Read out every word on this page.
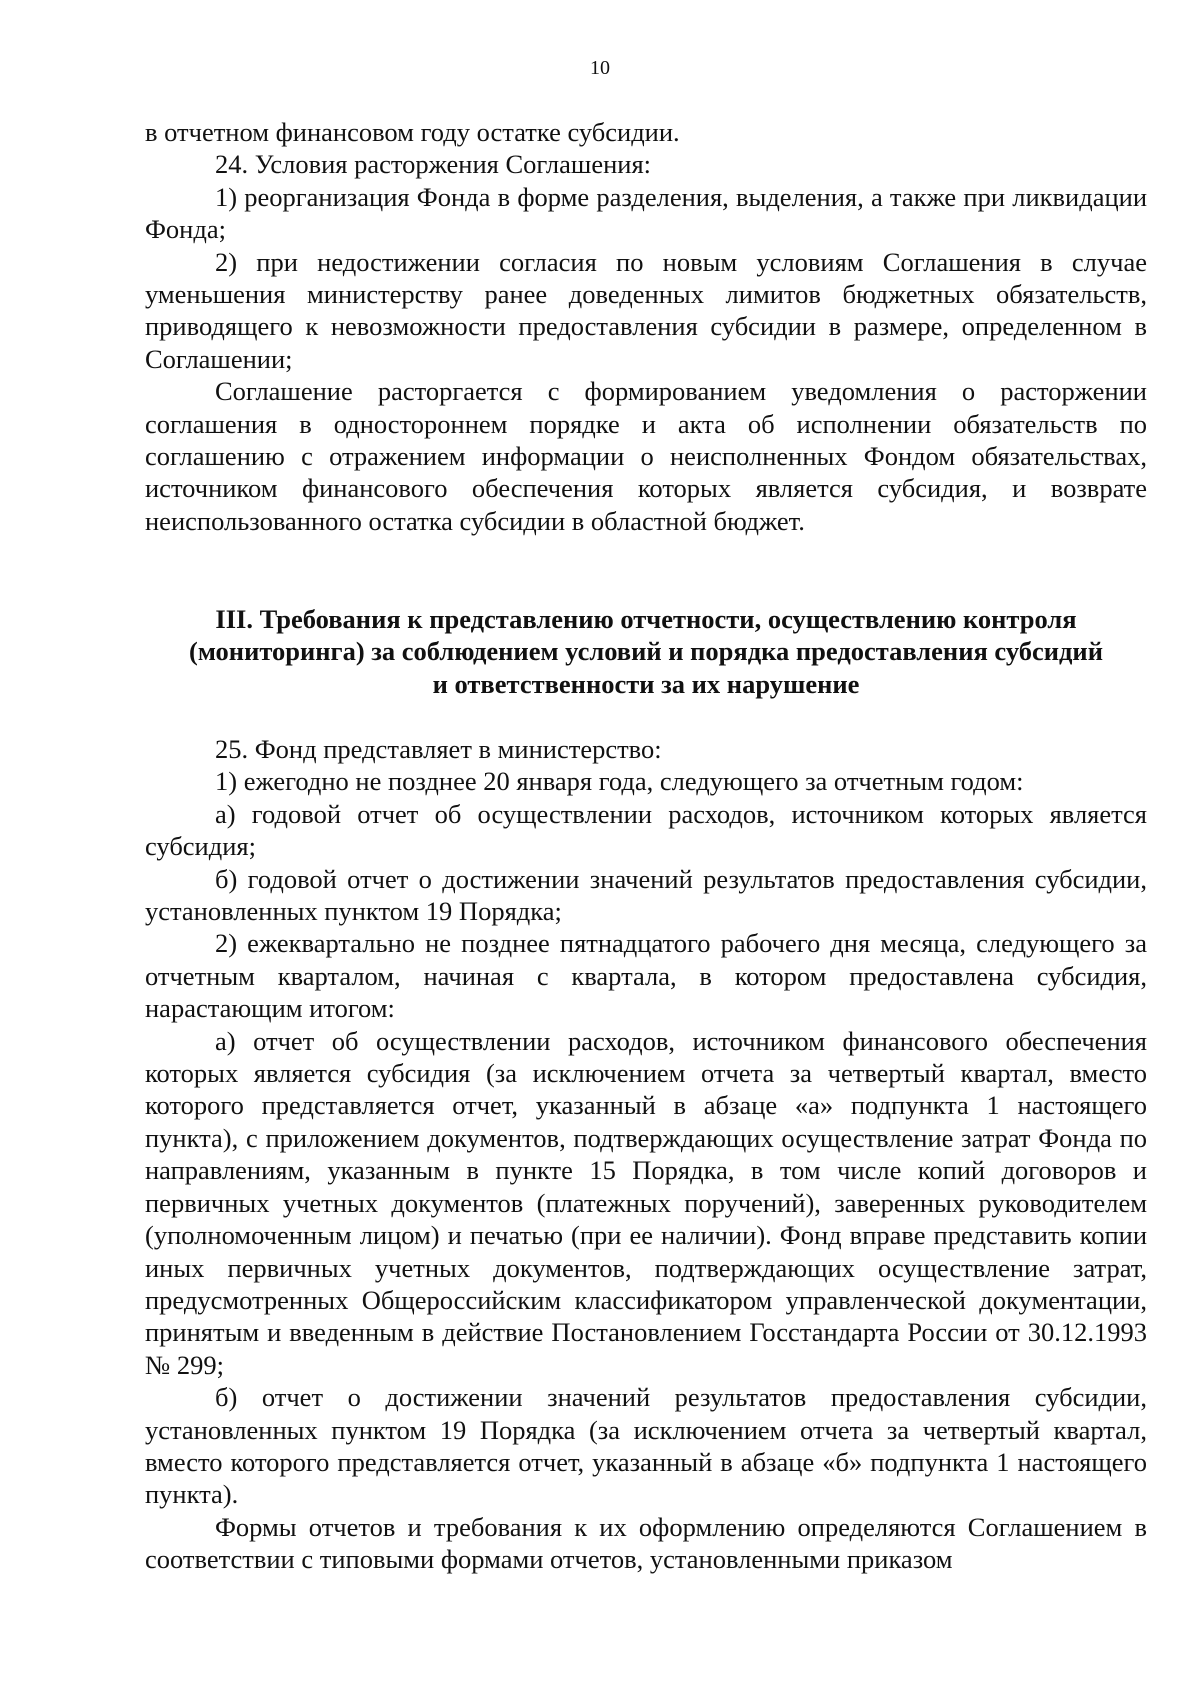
10

в отчетном финансовом году остатке субсидии.

24. Условия расторжения Соглашения:

1) реорганизация Фонда в форме разделения, выделения, а также при ликвидации Фонда;

2) при недостижении согласия по новым условиям Соглашения в случае уменьшения министерству ранее доведенных лимитов бюджетных обязательств, приводящего к невозможности предоставления субсидии в размере, определенном в Соглашении;

Соглашение расторгается с формированием уведомления о расторжении соглашения в одностороннем порядке и акта об исполнении обязательств по соглашению с отражением информации о неисполненных Фондом обязательствах, источником финансового обеспечения которых является субсидия, и возврате неиспользованного остатка субсидии в областной бюджет.

III. Требования к представлению отчетности, осуществлению контроля
(мониторинга) за соблюдением условий и порядка предоставления субсидий
и ответственности за их нарушение

25. Фонд представляет в министерство:

1) ежегодно не позднее 20 января года, следующего за отчетным годом:

а) годовой отчет об осуществлении расходов, источником которых является субсидия;

б) годовой отчет о достижении значений результатов предоставления субсидии, установленных пунктом 19 Порядка;

2) ежеквартально не позднее пятнадцатого рабочего дня месяца, следующего за отчетным кварталом, начиная с квартала, в котором предоставлена субсидия, нарастающим итогом:

а) отчет об осуществлении расходов, источником финансового обеспечения которых является субсидия (за исключением отчета за четвертый квартал, вместо которого представляется отчет, указанный в абзаце «а» подпункта 1 настоящего пункта), с приложением документов, подтверждающих осуществление затрат Фонда по направлениям, указанным в пункте 15 Порядка, в том числе копий договоров и первичных учетных документов (платежных поручений), заверенных руководителем (уполномоченным лицом) и печатью (при ее наличии). Фонд вправе представить копии иных первичных учетных документов, подтверждающих осуществление затрат, предусмотренных Общероссийским классификатором управленческой документации, принятым и введенным в действие Постановлением Госстандарта России от 30.12.1993 № 299;

б) отчет о достижении значений результатов предоставления субсидии, установленных пунктом 19 Порядка (за исключением отчета за четвертый квартал, вместо которого представляется отчет, указанный в абзаце «б» подпункта 1 настоящего пункта).

Формы отчетов и требования к их оформлению определяются Соглашением в соответствии с типовыми формами отчетов, установленными приказом
